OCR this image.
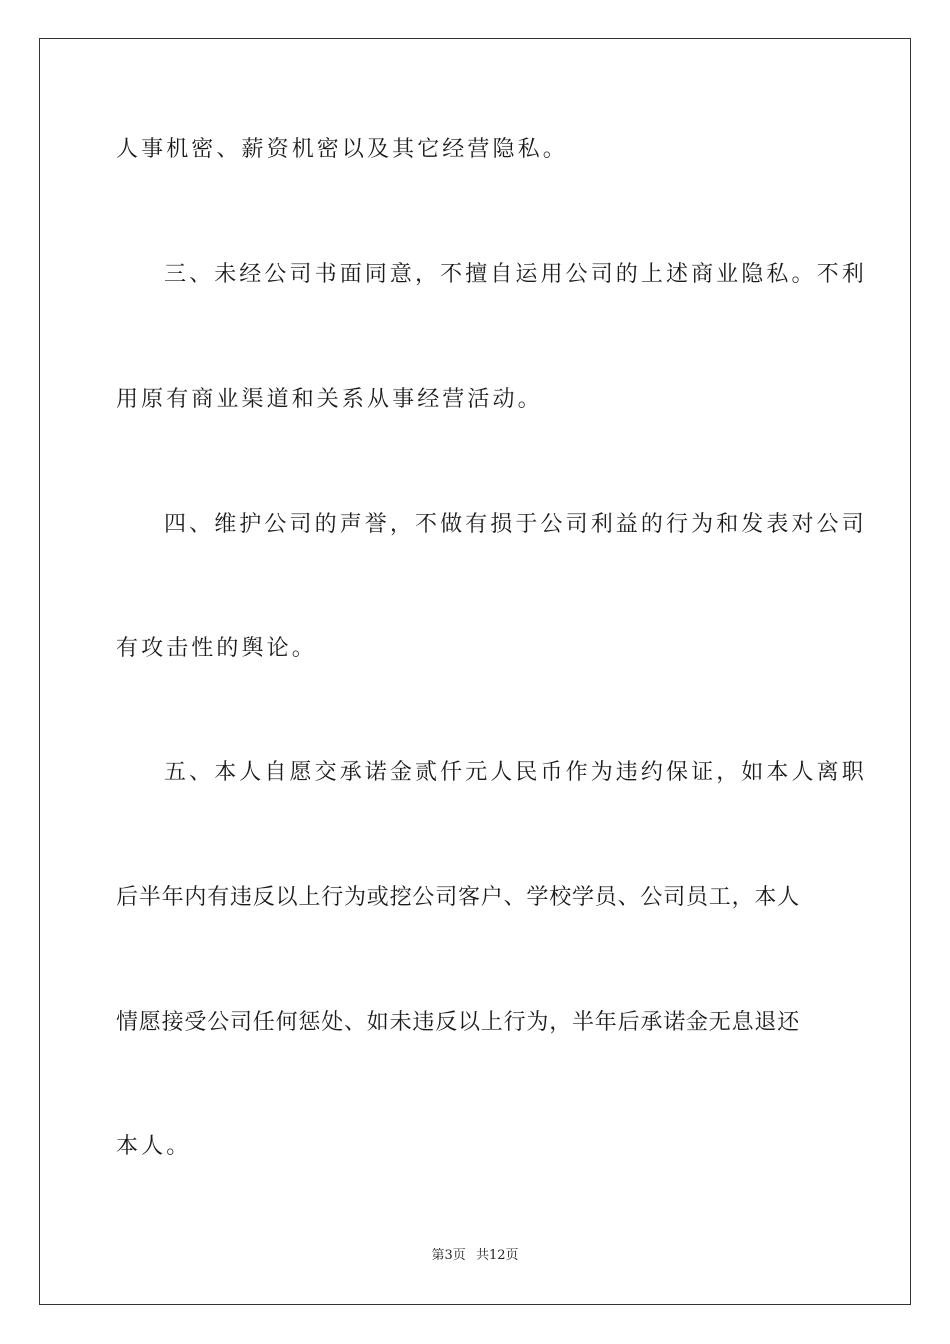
人事机密、薪资机密以及其它经营隐私。
三、未经公司书面同意，不擅自运用公司的上述商业隐私。不利
用原有商业渠道和关系从事经营活动。
四、维护公司的声誉，不做有损于公司利益的行为和发表对公司
有攻击性的舆论。
五、本人自愿交承诺金贰仟元人民币作为违约保证，如本人离职
后半年内有违反以上行为或挖公司客户、学校学员、公司员工，本人
情愿接受公司任何惩处、如未违反以上行为，半年后承诺金无息退还
本人。
第3页 共12页
